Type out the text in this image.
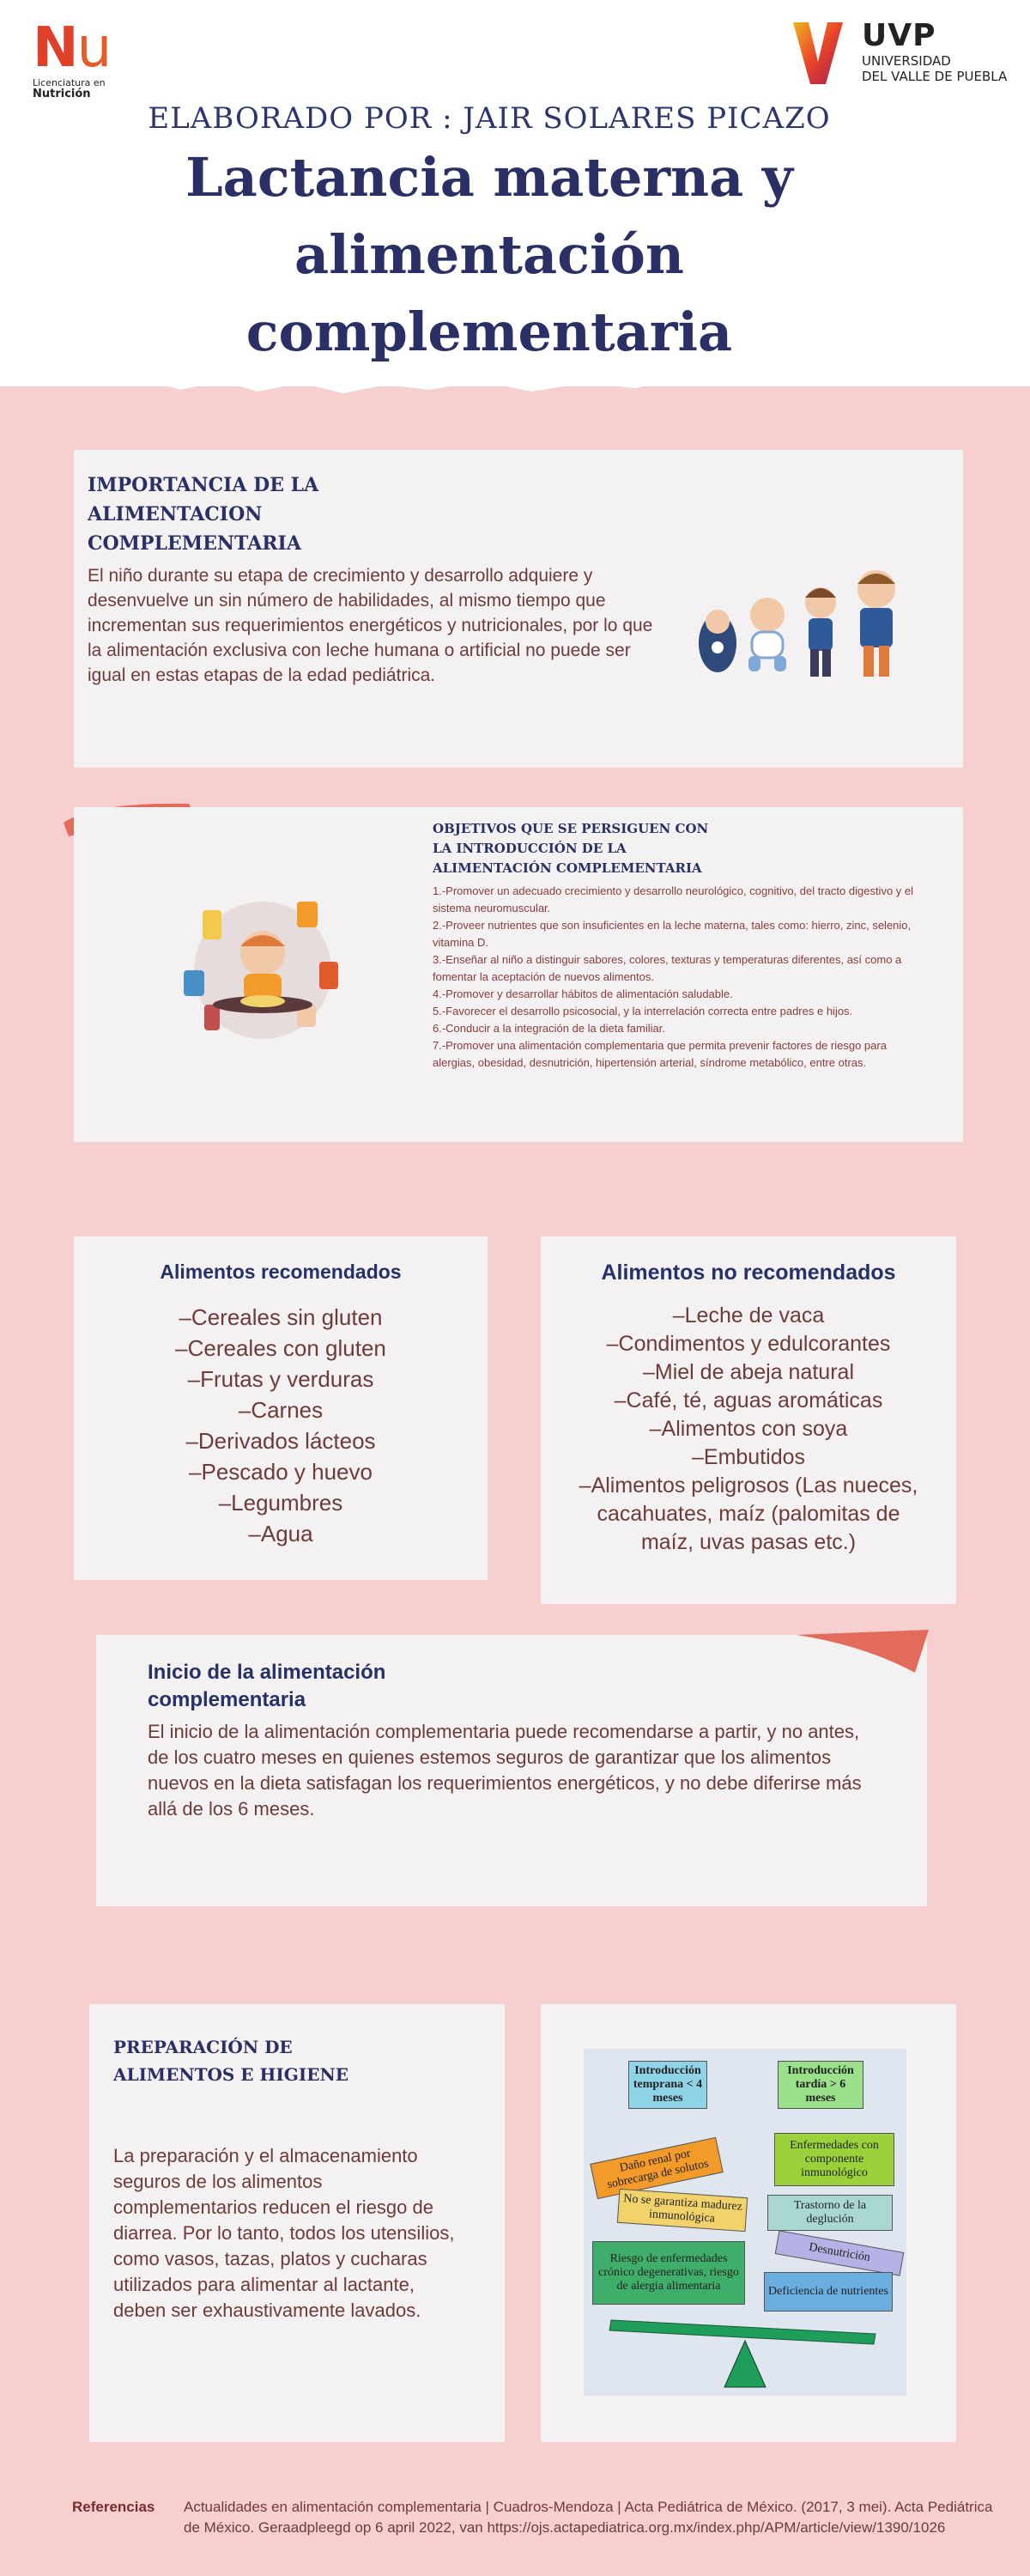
Nu
Licenciatura en
Nutrición
UVP
UNIVERSIDAD
DEL VALLE DE PUEBLA
ELABORADO POR : JAIR SOLARES PICAZO
Lactancia materna y alimentación complementaria
IMPORTANCIA DE LA ALIMENTACION COMPLEMENTARIA

El niño durante su etapa de crecimiento y desarrollo adquiere y desenvuelve un sin número de habilidades, al mismo tiempo que incrementan sus requerimientos energéticos y nutricionales, por lo que la alimentación exclusiva con leche humana o artificial no puede ser igual en estas etapas de la edad pediátrica.

OBJETIVOS QUE SE PERSIGUEN CON LA INTRODUCCIÓN DE LA ALIMENTACIÓN COMPLEMENTARIA
1.-Promover un adecuado crecimiento y desarrollo neurológico, cognitivo, del tracto digestivo y el sistema neuromuscular.
2.-Proveer nutrientes que son insuficientes en la leche materna, tales como: hierro, zinc, selenio, vitamina D.
3.-Enseñar al niño a distinguir sabores, colores, texturas y temperaturas diferentes, así como a fomentar la aceptación de nuevos alimentos.
4.-Promover y desarrollar hábitos de alimentación saludable.
5.-Favorecer el desarrollo psicosocial, y la interrelación correcta entre padres e hijos.
6.-Conducir a la integración de la dieta familiar.
7.-Promover una alimentación complementaria que permita prevenir factores de riesgo para alergias, obesidad, desnutrición, hipertensión arterial, síndrome metabólico, entre otras.
Alimentos recomendados
–Cereales sin gluten
–Cereales con gluten
–Frutas y verduras
–Carnes
–Derivados lácteos
–Pescado y huevo
–Legumbres
–Agua
Alimentos no recomendados
–Leche de vaca
–Condimentos y edulcorantes
–Miel de abeja natural
–Café, té, aguas aromáticas
–Alimentos con soya
–Embutidos
–Alimentos peligrosos (Las nueces, cacahuates, maíz (palomitas de maíz, uvas pasas etc.)
Inicio de la alimentación complementaria

El inicio de la alimentación complementaria puede recomendarse a partir, y no antes, de los cuatro meses en quienes estemos seguros de garantizar que los alimentos nuevos en la dieta satisfagan los requerimientos energéticos, y no debe diferirse más allá de los 6 meses.

PREPARACIÓN DE ALIMENTOS E HIGIENE

La preparación y el almacenamiento seguros de los alimentos complementarios reducen el riesgo de diarrea. Por lo tanto, todos los utensilios, como vasos, tazas, platos y cucharas utilizados para alimentar al lactante, deben ser exhaustivamente lavados.

Introducción temprana < 4 meses
Introducción tardía > 6 meses
Daño renal por sobrecarga de solutos
No se garantiza madurez inmunológica
Riesgo de enfermedades crónico degenerativas, riesgo de alergia alimentaria
Enfermedades con componente inmunológico
Trastorno de la deglución
Desnutrición
Deficiencia de nutrientes
Referencias Actualidades en alimentación complementaria | Cuadros-Mendoza | Acta Pediátrica de México. (2017, 3 mei). Acta Pediátrica de México. Geraadpleegd op 6 april 2022, van https://ojs.actapediatrica.org.mx/index.php/APM/article/view/1390/1026
